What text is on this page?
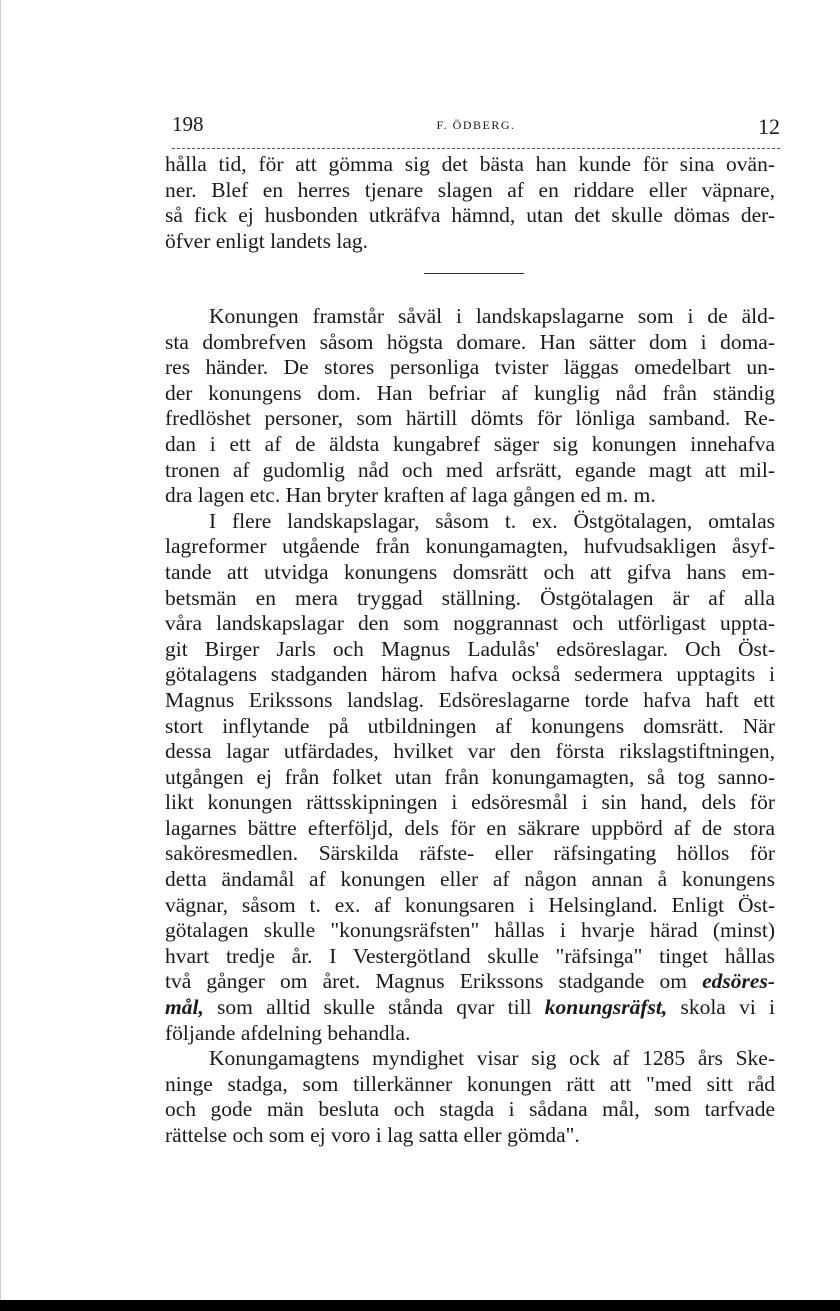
198	F. ÖDBERG.	12
hålla tid, för att gömma sig det bästa han kunde för sina ovän-
ner. Blef en herres tjenare slagen af en riddare eller väpnare,
så fick ej husbonden utkräfva hämnd, utan det skulle dömas der-
öfver enligt landets lag.
Konungen framstår såväl i landskapslagarne som i de äld-
sta dombrefven såsom högsta domare. Han sätter dom i doma-
res händer. De stores personliga tvister läggas omedelbart un-
der konungens dom. Han befriar af kunglig nåd från ständig
fredlöshet personer, som härtill dömts för lönliga samband. Re-
dan i ett af de äldsta kungabref säger sig konungen innehafva
tronen af gudomlig nåd och med arfsrätt, egande magt att mil-
dra lagen etc. Han bryter kraften af laga gången ed m. m.
I flere landskapslagar, såsom t. ex. Östgötalagen, omtalas
lagreformer utgående från konungamagten, hufvudsakligen åsyf-
tande att utvidga konungens domsrätt och att gifva hans em-
betsmän en mera tryggad ställning. Östgötalagen är af alla
våra landskapslagar den som noggrannast och utförligast uppta-
git Birger Jarls och Magnus Ladulås' edsöreslagar. Och Öst-
götalagens stadganden härom hafva också sedermera upptagits i
Magnus Erikssons landslag. Edsöreslagarne torde hafva haft ett
stort inflytande på utbildningen af konungens domsrätt. När
dessa lagar utfärdades, hvilket var den första rikslagstiftningen,
utgången ej från folket utan från konungamagten, så tog sanno-
likt konungen rättsskipningen i edsöresmål i sin hand, dels för
lagarnes bättre efterföljd, dels för en säkrare uppbörd af de stora
saköresmedlen. Särskilda räfste- eller räfsingating höllos för
detta ändamål af konungen eller af någon annan å konungens
vägnar, såsom t. ex. af konungsaren i Helsingland. Enligt Öst-
götalagen skulle "konungsräfsten" hållas i hvarje härad (minst)
hvart tredje år. I Vestergötland skulle "räfsinga" tinget hållas
två gånger om året. Magnus Erikssons stadgande om edsöres-
mål, som alltid skulle stånda qvar till konungsräfst, skola vi i
följande afdelning behandla.
Konungamagtens myndighet visar sig ock af 1285 års Ske-
ninge stadga, som tillerkänner konungen rätt att "med sitt råd
och gode män besluta och stagda i sådana mål, som tarfvade
rättelse och som ej voro i lag satta eller gömda".
